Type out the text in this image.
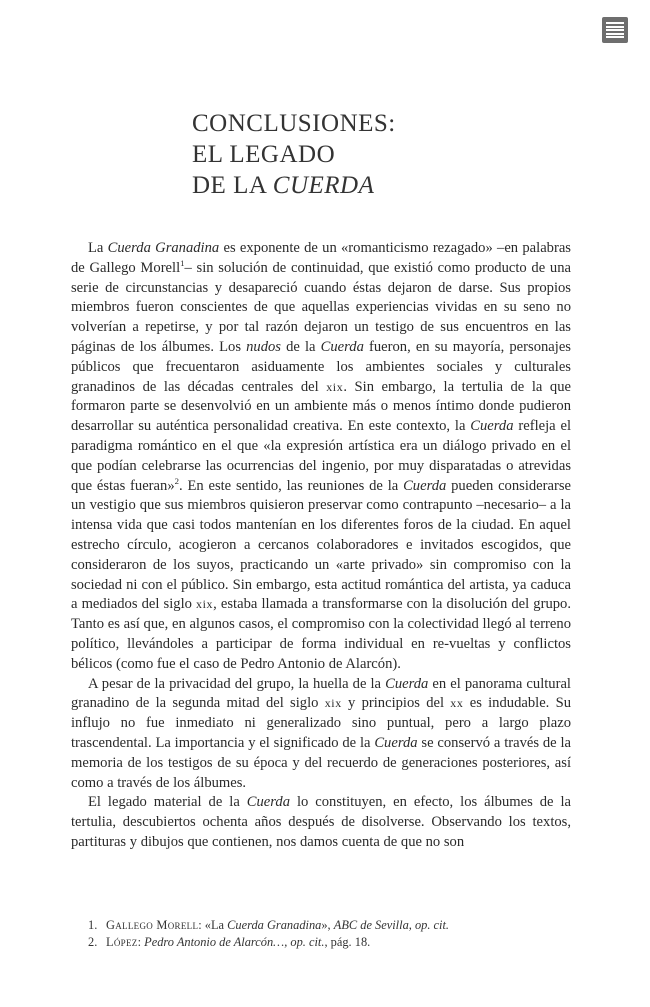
CONCLUSIONES:
EL LEGADO
DE LA CUERDA

La Cuerda Granadina es exponente de un «romanticismo rezagado» –en palabras de Gallego Morell$^1$– sin solución de continuidad, que existió como producto de una serie de circunstancias y desapareció cuando éstas dejaron de darse. Sus propios miembros fueron conscientes de que aquellas experiencias vividas en su seno no volverían a repetirse, y por tal razón dejaron un testigo de sus encuentros en las páginas de los álbumes. Los nudos de la Cuerda fueron, en su mayoría, personajes públicos que frecuentaron asiduamente los ambientes sociales y culturales granadinos de las décadas centrales del xix. Sin embargo, la tertulia de la que formaron parte se desenvolvió en un ambiente más o menos íntimo donde pudieron desarrollar su auténtica personalidad creativa. En este contexto, la Cuerda refleja el paradigma romántico en el que «la expresión artística era un diálogo privado en el que podían celebrarse las ocurrencias del ingenio, por muy disparatadas o atrevidas que éstas fueran»$^2$. En este sentido, las reuniones de la Cuerda pueden considerarse un vestigio que sus miembros quisieron preservar como contrapunto –necesario– a la intensa vida que casi todos mantenían en los diferentes foros de la ciudad. En aquel estrecho círculo, acogieron a cercanos colaboradores e invitados escogidos, que consideraron de los suyos, practicando un «arte privado» sin compromiso con la sociedad ni con el público. Sin embargo, esta actitud romántica del artista, ya caduca a mediados del siglo xix, estaba llamada a transformarse con la disolución del grupo. Tanto es así que, en algunos casos, el compromiso con la colectividad llegó al terreno político, llevándoles a participar de forma individual en re-vueltas y conflictos bélicos (como fue el caso de Pedro Antonio de Alarcón).

A pesar de la privacidad del grupo, la huella de la Cuerda en el panorama cultural granadino de la segunda mitad del siglo xix y principios del xx es indudable. Su influjo no fue inmediato ni generalizado sino puntual, pero a largo plazo trascendental. La importancia y el significado de la Cuerda se conservó a través de la memoria de los testigos de su época y del recuerdo de generaciones posteriores, así como a través de los álbumes.

El legado material de la Cuerda lo constituyen, en efecto, los álbumes de la tertulia, descubiertos ochenta años después de disolverse. Observando los textos, partituras y dibujos que contienen, nos damos cuenta de que no son

1. Gallego Morell: «La Cuerda Granadina», ABC de Sevilla, op. cit.
2. López: Pedro Antonio de Alarcón…, op. cit., pág. 18.
